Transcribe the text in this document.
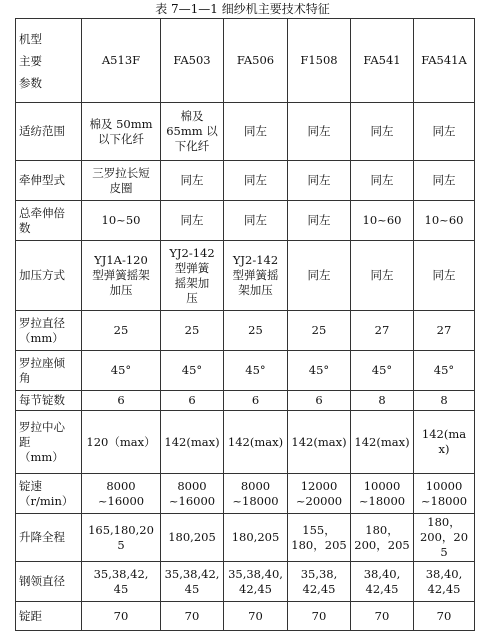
表 7—1—1 细纱机主要技术特征
机型
主要
参数	A513F	FA503	FA506	F1508	FA541	FA541A
适纺范围	棉及 50mm
以下化纤	棉及
65mm 以
下化纤	同左	同左	同左	同左
牵伸型式	三罗拉长短
皮圈	同左	同左	同左	同左	同左
总牵伸倍
数	10~50	同左	同左	同左	10~60	10~60
加压方式	YJ1A-120
型弹簧摇架
加压	YJ2-142
型弹簧
摇架加
压	YJ2-142
型弹簧摇
架加压	同左	同左	同左
罗拉直径
（mm）	25	25	25	25	27	27
罗拉座倾
角	45°	45°	45°	45°	45°	45°
每节锭数	6	6	6	6	8	8
罗拉中心
距
（mm）	120（max）	142(max)	142(max)	142(max)	142(max)	142(max)
锭速
（r/min）	8000
~16000	8000
~16000	8000
~18000	12000
~20000	10000
~18000	10000
~18000
升降全程	165,180,205	180,205	180,205	155，
180，205	180，
200，205	180，
200，205
钢领直径	35,38,42,
45	35,38,42,
45	35,38,40,
42,45	35,38,
42,45	38,40,
42,45	38,40,
42,45
锭距	70	70	70	70	70	70
